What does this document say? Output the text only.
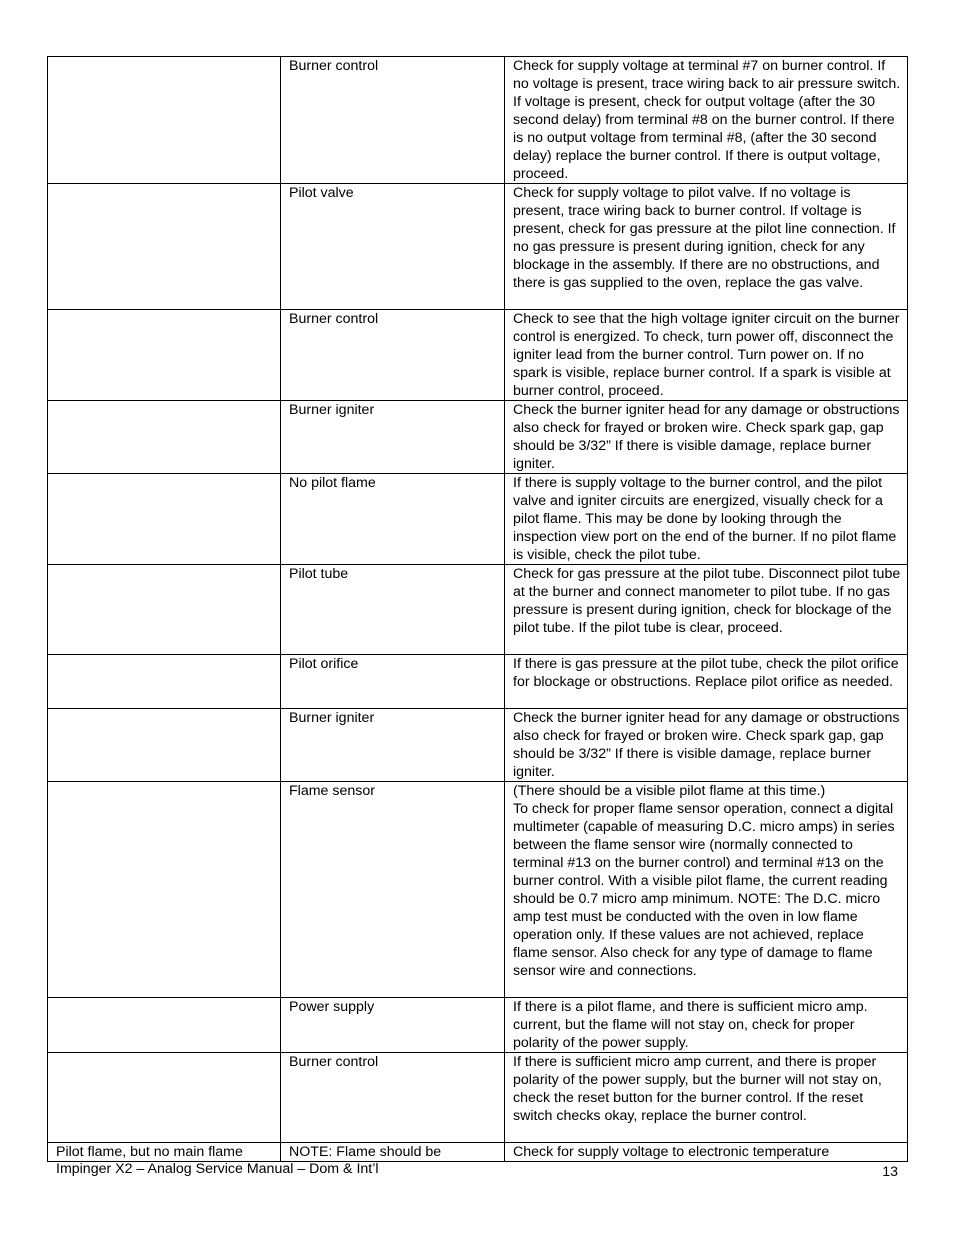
	Burner control	Check for supply voltage at terminal #7 on burner control. If no voltage is present, trace wiring back to air pressure switch. If voltage is present, check for output voltage (after the 30 second delay) from terminal #8 on the burner control. If there is no output voltage from terminal #8, (after the 30 second delay) replace the burner control. If there is output voltage, proceed.
	Pilot valve	Check for supply voltage to pilot valve. If no voltage is present, trace wiring back to burner control. If voltage is present, check for gas pressure at the pilot line connection. If no gas pressure is present during ignition, check for any blockage in the assembly. If there are no obstructions, and there is gas supplied to the oven, replace the gas valve.
	Burner control	Check to see that the high voltage igniter circuit on the burner control is energized. To check, turn power off, disconnect the igniter lead from the burner control. Turn power on. If no spark is visible, replace burner control. If a spark is visible at burner control, proceed.
	Burner igniter	Check the burner igniter head for any damage or obstructions also check for frayed or broken wire. Check spark gap, gap should be 3/32” If there is visible damage, replace burner igniter.
	No pilot flame	If there is supply voltage to the burner control, and the pilot valve and igniter circuits are energized, visually check for a pilot flame. This may be done by looking through the inspection view port on the end of the burner. If no pilot flame is visible, check the pilot tube.
	Pilot tube	Check for gas pressure at the pilot tube. Disconnect pilot tube at the burner and connect manometer to pilot tube. If no gas pressure is present during ignition, check for blockage of the pilot tube. If the pilot tube is clear, proceed.
	Pilot orifice	If there is gas pressure at the pilot tube, check the pilot orifice for blockage or obstructions. Replace pilot orifice as needed.
	Burner igniter	Check the burner igniter head for any damage or obstructions also check for frayed or broken wire. Check spark gap, gap should be 3/32” If there is visible damage, replace burner igniter.
	Flame sensor	(There should be a visible pilot flame at this time.)
To check for proper flame sensor operation, connect a digital multimeter (capable of measuring D.C. micro amps) in series between the flame sensor wire (normally connected to terminal #13 on the burner control) and terminal #13 on the burner control. With a visible pilot flame, the current reading should be 0.7 micro amp minimum. NOTE: The D.C. micro amp test must be conducted with the oven in low flame operation only. If these values are not achieved, replace flame sensor. Also check for any type of damage to flame sensor wire and connections.
	Power supply	If there is a pilot flame, and there is sufficient micro amp. current, but the flame will not stay on, check for proper polarity of the power supply.
	Burner control	If there is sufficient micro amp current, and there is proper polarity of the power supply, but the burner will not stay on, check the reset button for the burner control. If the reset switch checks okay, replace the burner control.
Pilot flame, but no main flame	NOTE: Flame should be	Check for supply voltage to electronic temperature
Impinger X2 – Analog Service Manual – Dom & Int’l	13
